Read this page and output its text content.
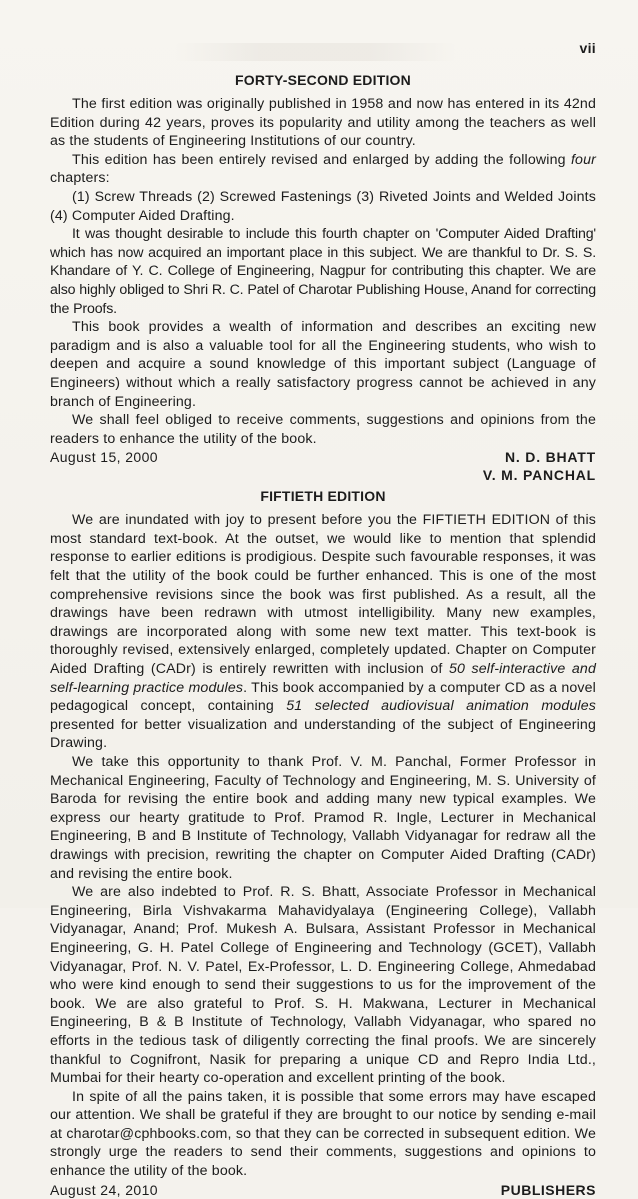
vii
FORTY-SECOND EDITION

The first edition was originally published in 1958 and now has entered in its 42nd Edition during 42 years, proves its popularity and utility among the teachers as well as the students of Engineering Institutions of our country.

This edition has been entirely revised and enlarged by adding the following four chapters:

(1) Screw Threads (2) Screwed Fastenings (3) Riveted Joints and Welded Joints (4) Computer Aided Drafting.

It was thought desirable to include this fourth chapter on 'Computer Aided Drafting' which has now acquired an important place in this subject. We are thankful to Dr. S. S. Khandare of Y. C. College of Engineering, Nagpur for contributing this chapter. We are also highly obliged to Shri R. C. Patel of Charotar Publishing House, Anand for correcting the Proofs.

This book provides a wealth of information and describes an exciting new paradigm and is also a valuable tool for all the Engineering students, who wish to deepen and acquire a sound knowledge of this important subject (Language of Engineers) without which a really satisfactory progress cannot be achieved in any branch of Engineering.

We shall feel obliged to receive comments, suggestions and opinions from the readers to enhance the utility of the book.

August 15, 2000	N. D. BHATT
V. M. PANCHAL
FIFTIETH EDITION

We are inundated with joy to present before you the FIFTIETH EDITION of this most standard text-book. At the outset, we would like to mention that splendid response to earlier editions is prodigious. Despite such favourable responses, it was felt that the utility of the book could be further enhanced. This is one of the most comprehensive revisions since the book was first published. As a result, all the drawings have been redrawn with utmost intelligibility. Many new examples, drawings are incorporated along with some new text matter. This text-book is thoroughly revised, extensively enlarged, completely updated. Chapter on Computer Aided Drafting (CADr) is entirely rewritten with inclusion of 50 self-interactive and self-learning practice modules. This book accompanied by a computer CD as a novel pedagogical concept, containing 51 selected audiovisual animation modules presented for better visualization and understanding of the subject of Engineering Drawing.

We take this opportunity to thank Prof. V. M. Panchal, Former Professor in Mechanical Engineering, Faculty of Technology and Engineering, M. S. University of Baroda for revising the entire book and adding many new typical examples. We express our hearty gratitude to Prof. Pramod R. Ingle, Lecturer in Mechanical Engineering, B and B Institute of Technology, Vallabh Vidyanagar for redraw all the drawings with precision, rewriting the chapter on Computer Aided Drafting (CADr) and revising the entire book.

We are also indebted to Prof. R. S. Bhatt, Associate Professor in Mechanical Engineering, Birla Vishvakarma Mahavidyalaya (Engineering College), Vallabh Vidyanagar, Anand; Prof. Mukesh A. Bulsara, Assistant Professor in Mechanical Engineering, G. H. Patel College of Engineering and Technology (GCET), Vallabh Vidyanagar, Prof. N. V. Patel, Ex-Professor, L. D. Engineering College, Ahmedabad who were kind enough to send their suggestions to us for the improvement of the book. We are also grateful to Prof. S. H. Makwana, Lecturer in Mechanical Engineering, B & B Institute of Technology, Vallabh Vidyanagar, who spared no efforts in the tedious task of diligently correcting the final proofs. We are sincerely thankful to Cognifront, Nasik for preparing a unique CD and Repro India Ltd., Mumbai for their hearty co-operation and excellent printing of the book.

In spite of all the pains taken, it is possible that some errors may have escaped our attention. We shall be grateful if they are brought to our notice by sending e-mail at charotar@cphbooks.com, so that they can be corrected in subsequent edition. We strongly urge the readers to send their comments, suggestions and opinions to enhance the utility of the book.

August 24, 2010	PUBLISHERS
